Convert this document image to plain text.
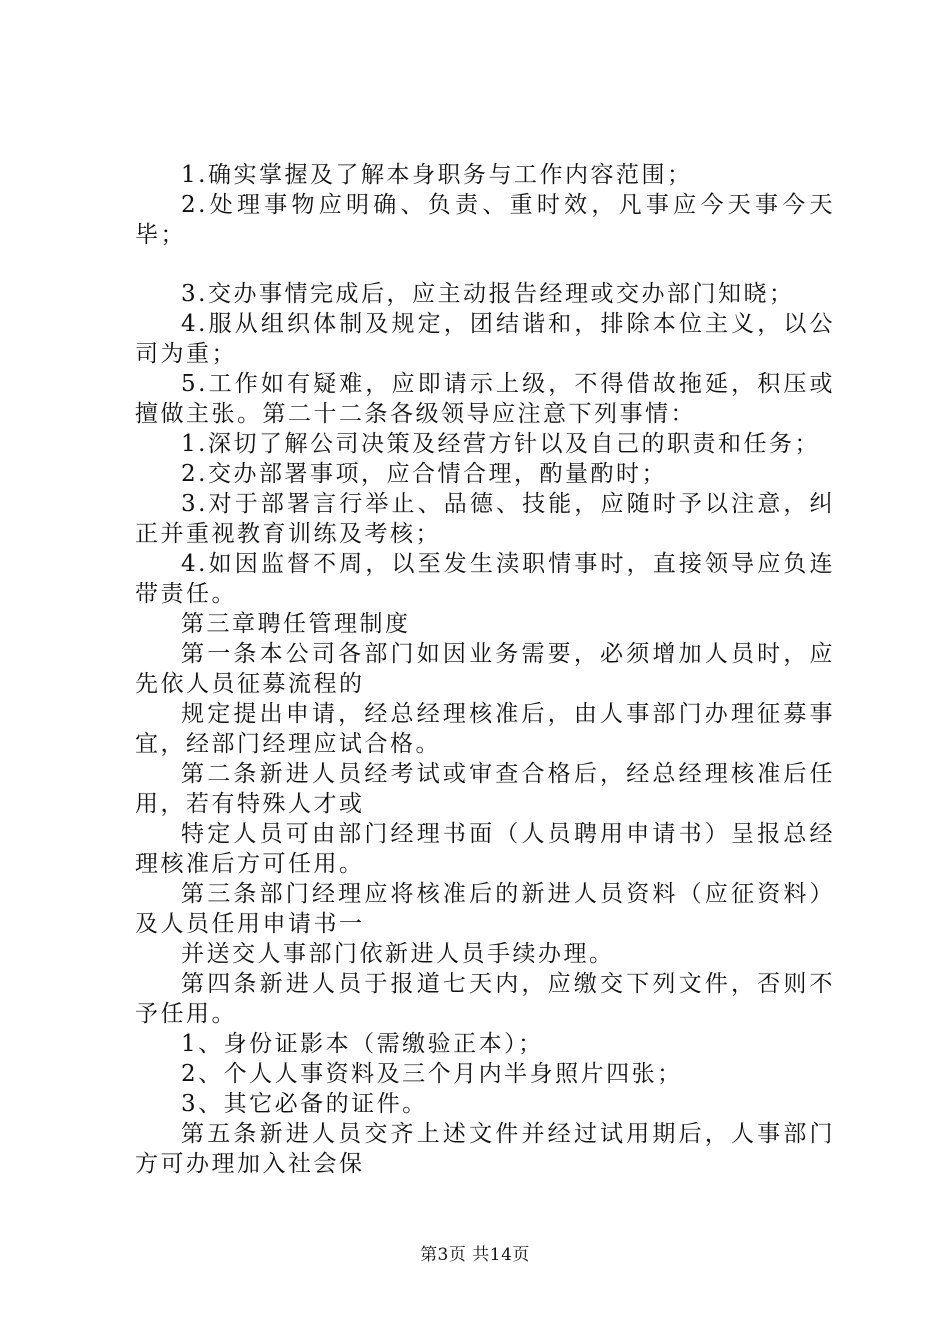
1.确实掌握及了解本身职务与工作内容范围；

2.处理事物应明确、负责、重时效，凡事应今天事今天毕；

3.交办事情完成后，应主动报告经理或交办部门知晓；

4.服从组织体制及规定，团结谐和，排除本位主义，以公司为重；

5.工作如有疑难，应即请示上级，不得借故拖延，积压或擅做主张。第二十二条各级领导应注意下列事情：

1.深切了解公司决策及经营方针以及自己的职责和任务；

2.交办部署事项，应合情合理，酌量酌时；

3.对于部署言行举止、品德、技能，应随时予以注意，纠正并重视教育训练及考核；

4.如因监督不周，以至发生渎职情事时，直接领导应负连带责任。

第三章聘任管理制度

第一条本公司各部门如因业务需要，必须增加人员时，应先依人员征募流程的

规定提出申请，经总经理核准后，由人事部门办理征募事宜，经部门经理应试合格。

第二条新进人员经考试或审查合格后，经总经理核准后任用，若有特殊人才或

特定人员可由部门经理书面（人员聘用申请书）呈报总经理核准后方可任用。

第三条部门经理应将核准后的新进人员资料（应征资料）及人员任用申请书一

并送交人事部门依新进人员手续办理。

第四条新进人员于报道七天内，应缴交下列文件，否则不予任用。

1、身份证影本（需缴验正本）；

2、个人人事资料及三个月内半身照片四张；

3、其它必备的证件。

第五条新进人员交齐上述文件并经过试用期后，人事部门方可办理加入社会保

第3页 共14页
